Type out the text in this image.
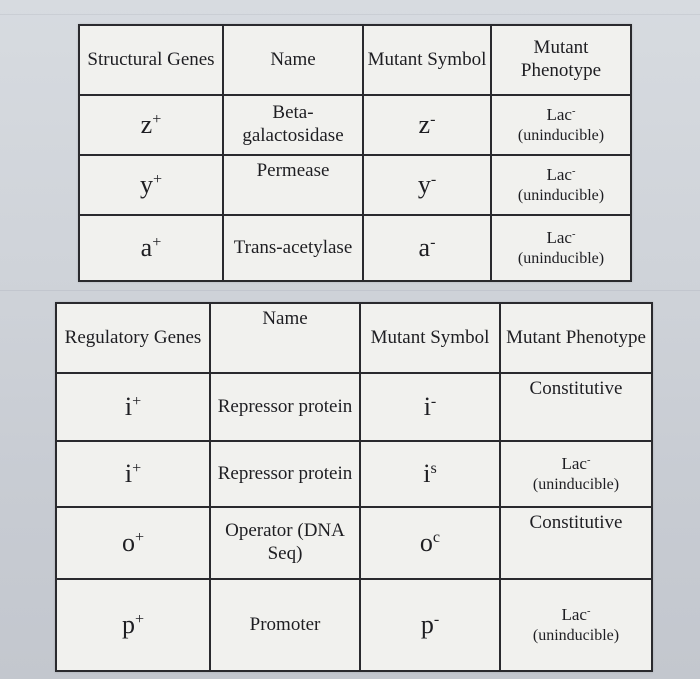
Structural Genes	Name	Mutant Symbol	Mutant Phenotype
z+	Beta-galactosidase	z-	Lac-
(uninducible)
y+	Permease	y-	Lac-
(uninducible)
a+	Trans-acetylase	a-	Lac-
(uninducible)
Regulatory Genes	Name	Mutant Symbol	Mutant Phenotype
i+	Repressor protein	i-	Constitutive
i+	Repressor protein	$i^s$	Lac-
(uninducible)
o+	Operator (DNA Seq)	$o^c$	Constitutive
p+	Promoter	p-	Lac-
(uninducible)
